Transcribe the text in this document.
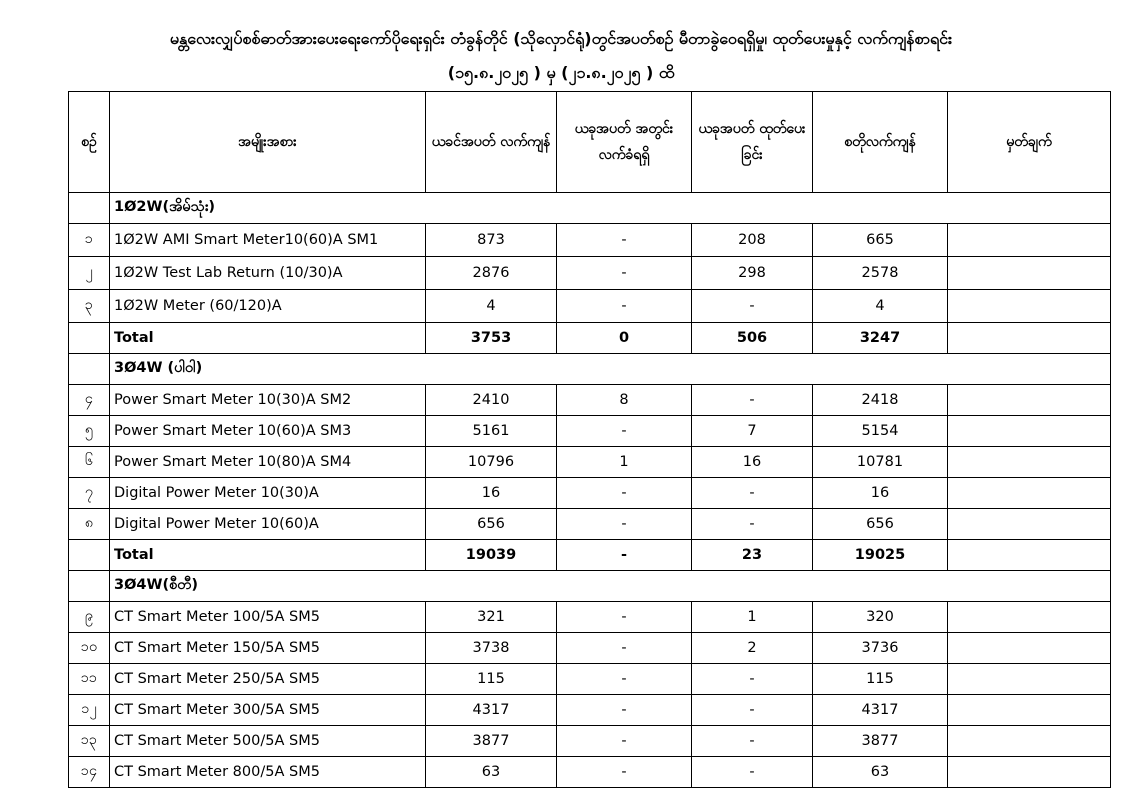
မန္တလေးလျှပ်စစ်ဓာတ်အားပေးရေးကော်ပိုရေးရှင်း တံခွန်တိုင် (သိုလှောင်ရုံ)တွင်အပတ်စဉ် မီတာခွဲဝေရရှိမှု၊ ထုတ်ပေးမှုနှင့် လက်ကျန်စာရင်း
(၁၅.၈.၂၀၂၅ ) မှ (၂၁.၈.၂၀၂၅ ) ထိ
စဉ်	အမျိုးအစား	ယခင်အပတ် လက်ကျန်	ယခုအပတ် အတွင်းလက်ခံရရှိ	ယခုအပတ် ထုတ်ပေးခြင်း	စတိုလက်ကျန်	မှတ်ချက်
	1Ø2W(အိမ်သုံး)					
၁	1Ø2W AMI Smart Meter10(60)A SM1	873	-	208	665	
၂	1Ø2W Test Lab Return (10/30)A	2876	-	298	2578	
၃	1Ø2W Meter (60/120)A	4	-	-	4	
	Total	3753	0	506	3247	
	3Ø4W (ပါဝါ)					
၄	Power Smart Meter 10(30)A SM2	2410	8	-	2418	
၅	Power Smart Meter 10(60)A SM3	5161	-	7	5154	
၆	Power Smart Meter 10(80)A SM4	10796	1	16	10781	
၇	Digital Power Meter 10(30)A	16	-	-	16	
၈	Digital Power Meter 10(60)A	656	-	-	656	
	Total	19039	-	23	19025	
	3Ø4W(စီတီ)					
၉	CT Smart Meter 100/5A SM5	321	-	1	320	
၁၀	CT Smart Meter 150/5A SM5	3738	-	2	3736	
၁၁	CT Smart Meter 250/5A SM5	115	-	-	115	
၁၂	CT Smart Meter 300/5A SM5	4317	-	-	4317	
၁၃	CT Smart Meter 500/5A SM5	3877	-	-	3877	
၁၄	CT Smart Meter 800/5A SM5	63	-	-	63	
